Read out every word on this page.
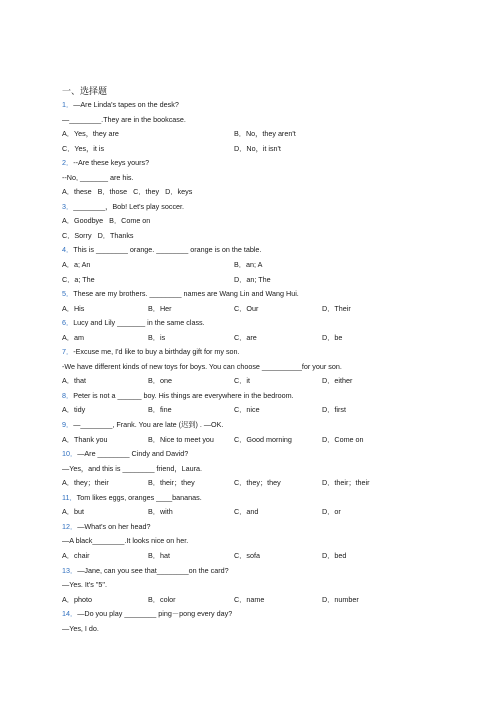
一、选择题
1．—Are Linda's tapes on the desk?
—________.They are in the bookcase.
A．Yes，they are	B．No，they aren't
C．Yes，it is	D．No，it isn't
2．--Are these keys yours?
--No, _______ are his.
A．these B．those C．they D．keys
3．________，Bob! Let's play soccer.
A．Goodbye B．Come on
C．Sorry D．Thanks
4．This is ________ orange. ________ orange is on the table.
A．a; An	B．an; A
C．a; The	D．an; The
5．These are my brothers. ________ names are Wang Lin and Wang Hui.
A．His	B．Her	C．Our	D．Their
6．Lucy and Lily _______ in the same class.
A．am	B．is	C．are	D．be
7．-Excuse me, I'd like to buy a birthday gift for my son.
-We have different kinds of new toys for boys. You can choose __________for your son.
A．that	B．one	C．it	D．either
8．Peter is not a ______ boy. His things are everywhere in the bedroom.
A．tidy	B．fine	C．nice	D．first
9．—________, Frank. You are late (迟到) . —OK.
A．Thank you	B．Nice to meet you	C．Good morning	D．Come on
10．—Are ________ Cindy and David?
—Yes，and this is ________ friend，Laura.
A．they；their	B．their；they	C．they；they	D．their；their
11．Tom likes eggs, oranges ____bananas.
A．but	B．with	C．and	D．or
12．—What's on her head?
—A black________.It looks nice on her.
A．chair	B．hat	C．sofa	D．bed
13．—Jane, can you see that________on the card?
—Yes. It's "5".
A．photo	B．color	C．name	D．number
14．—Do you play ________ ping－pong every day?
—Yes, I do.
